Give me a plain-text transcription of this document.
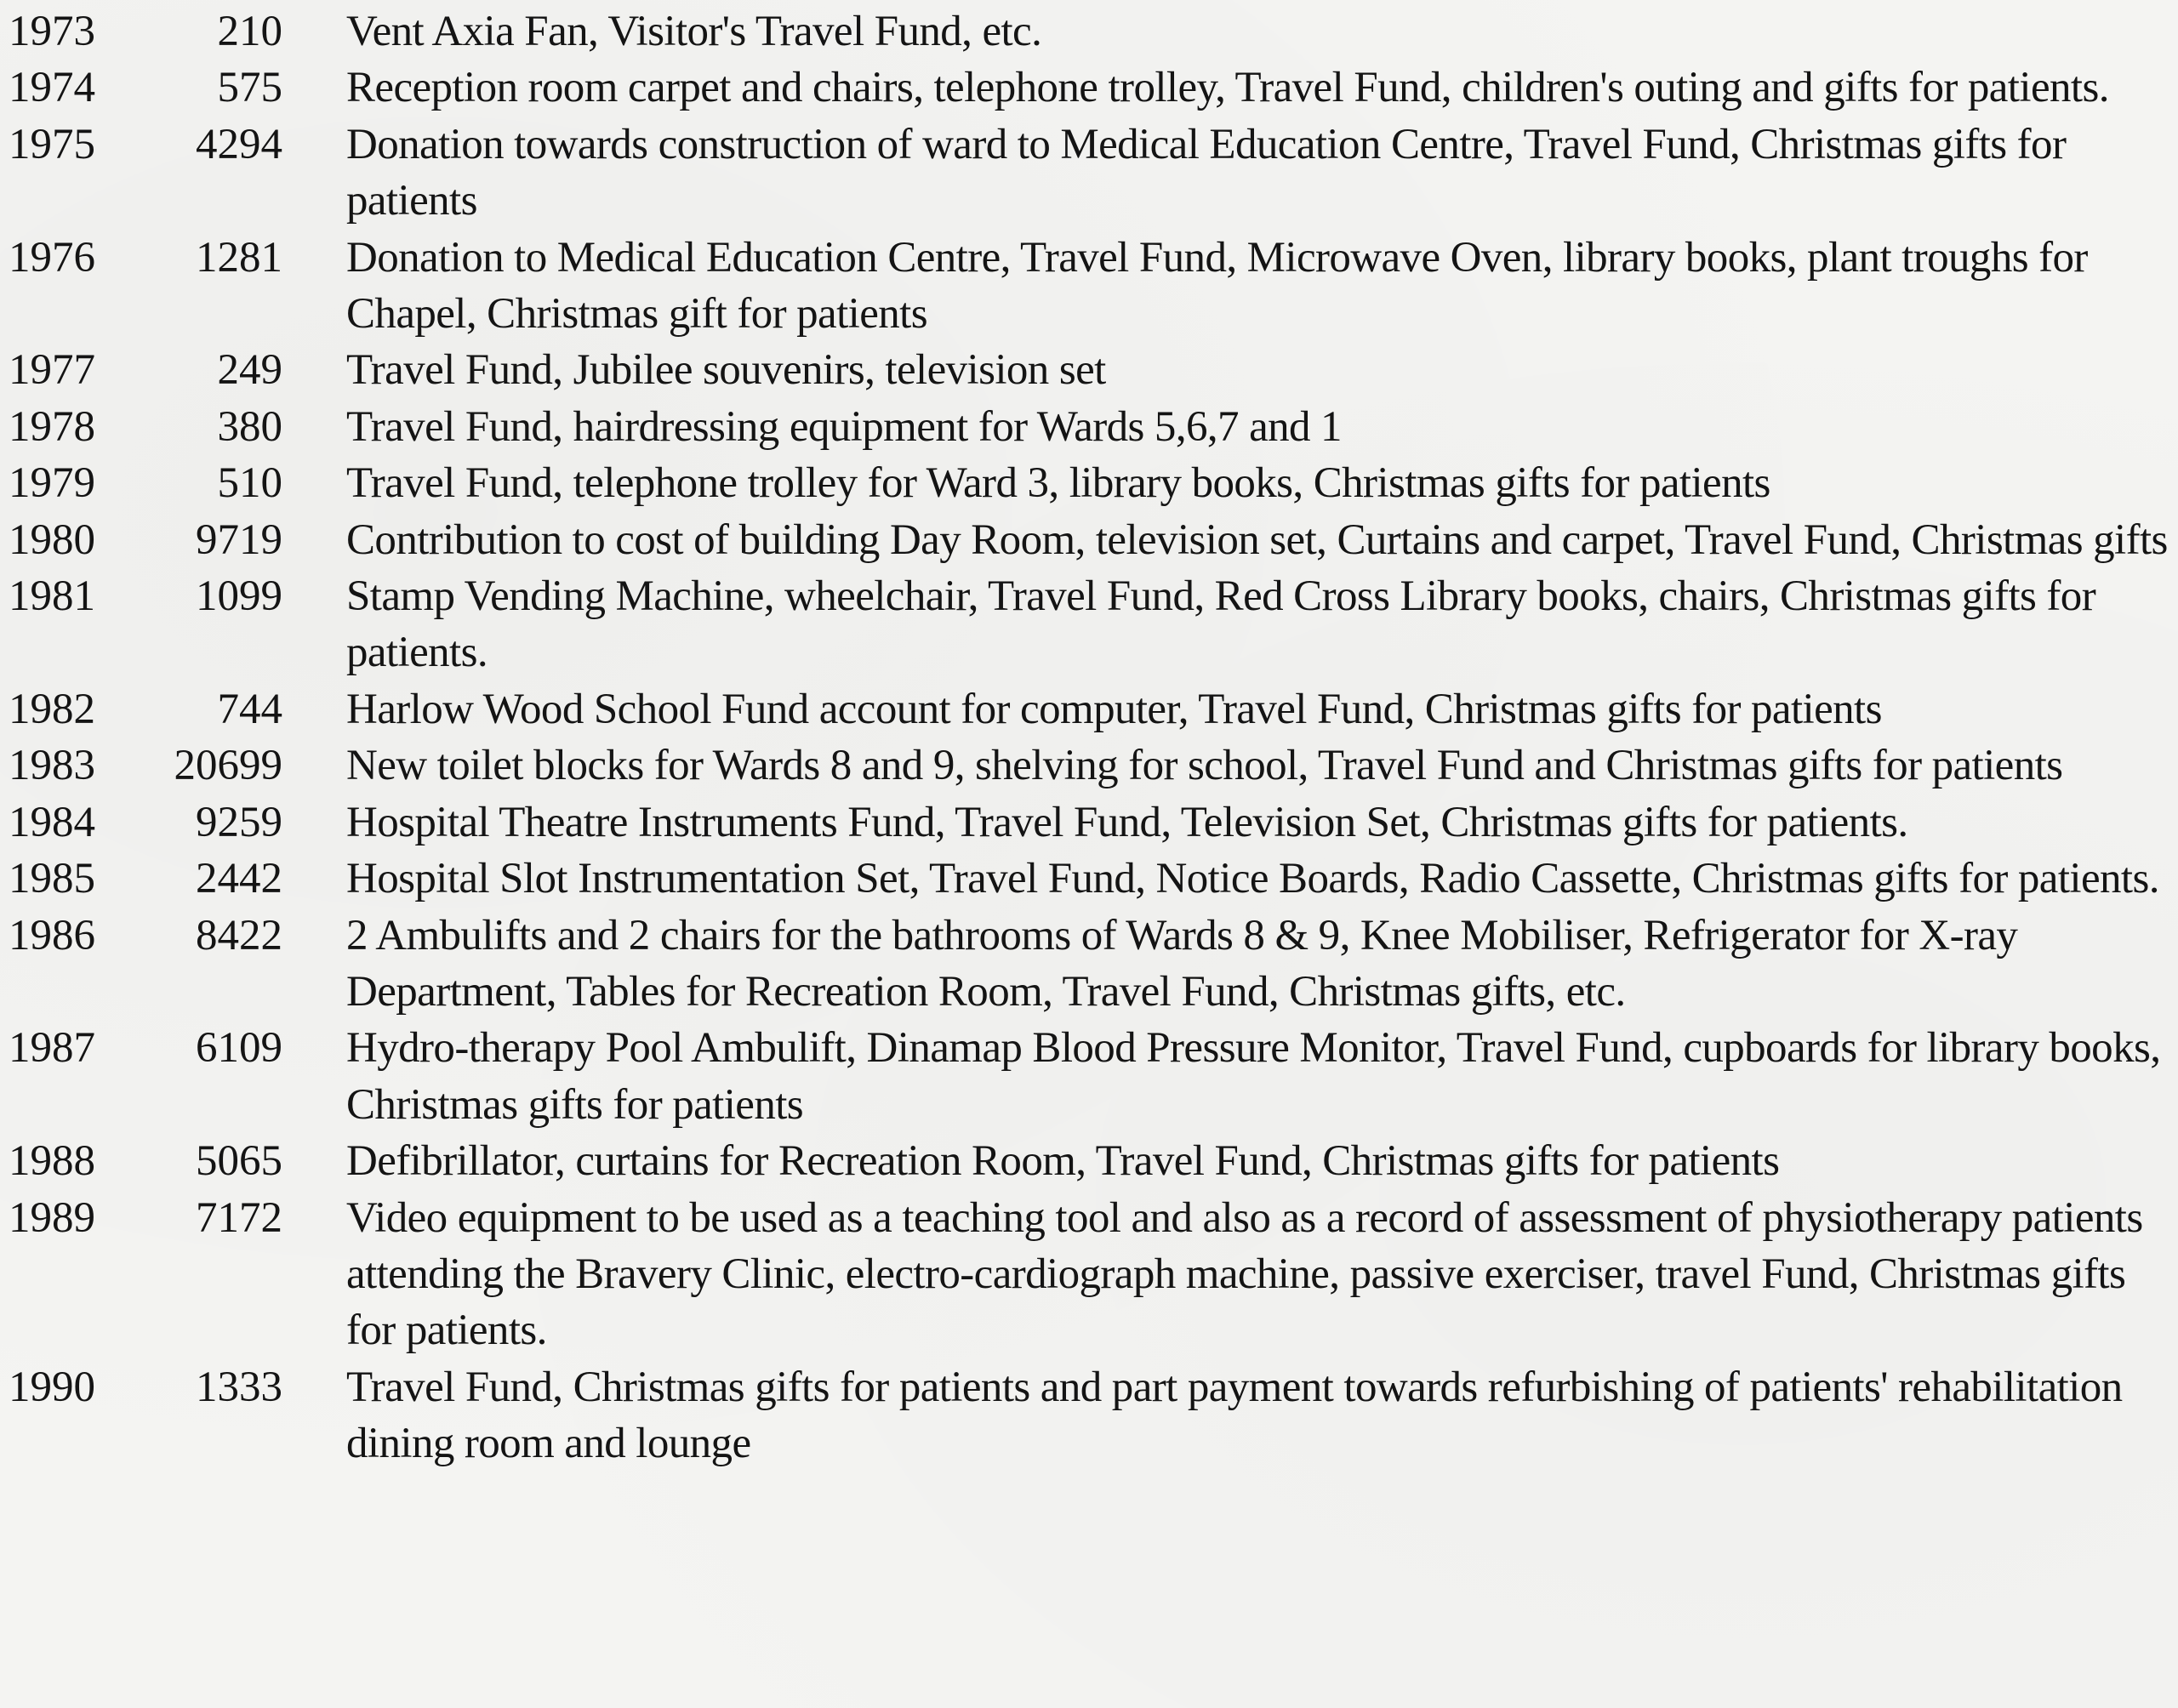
1973	210 Vent Axia Fan, Visitor's Travel Fund, etc.
1974	575 Reception room carpet and chairs, telephone trolley, Travel Fund, children's outing and gifts for patients.
1975	4294 Donation towards construction of ward to Medical Education Centre, Travel Fund, Christmas gifts for patients
1976	1281 Donation to Medical Education Centre, Travel Fund, Microwave Oven, library books, plant troughs for Chapel, Christmas gift for patients
1977	249 Travel Fund, Jubilee souvenirs, television set
1978	380 Travel Fund, hairdressing equipment for Wards 5,6,7 and 1
1979	510 Travel Fund, telephone trolley for Ward 3, library books, Christmas gifts for patients
1980	9719 Contribution to cost of building Day Room, television set, Curtains and carpet, Travel Fund, Christmas gifts
1981	1099 Stamp Vending Machine, wheelchair, Travel Fund, Red Cross Library books, chairs, Christmas gifts for patients.
1982	744 Harlow Wood School Fund account for computer, Travel Fund, Christmas gifts for patients
1983	20699 New toilet blocks for Wards 8 and 9, shelving for school, Travel Fund and Christmas gifts for patients
1984	9259 Hospital Theatre Instruments Fund, Travel Fund, Television Set, Christmas gifts for patients.
1985	2442 Hospital Slot Instrumentation Set, Travel Fund, Notice Boards, Radio Cassette, Christmas gifts for patients.
1986	8422 2 Ambulifts and 2 chairs for the bathrooms of Wards 8 & 9, Knee Mobiliser, Refrigerator for X-ray Department, Tables for Recreation Room, Travel Fund, Christmas gifts, etc.
1987	6109 Hydro-therapy Pool Ambulift, Dinamap Blood Pressure Monitor, Travel Fund, cupboards for library books, Christmas gifts for patients
1988	5065 Defibrillator, curtains for Recreation Room, Travel Fund, Christmas gifts for patients
1989	7172 Video equipment to be used as a teaching tool and also as a record of assessment of physiotherapy patients attending the Bravery Clinic, electro-cardiograph machine, passive exerciser, travel Fund, Christmas gifts for patients.
1990	1333 Travel Fund, Christmas gifts for patients and part payment towards refurbishing of patients' rehabilitation dining room and lounge
